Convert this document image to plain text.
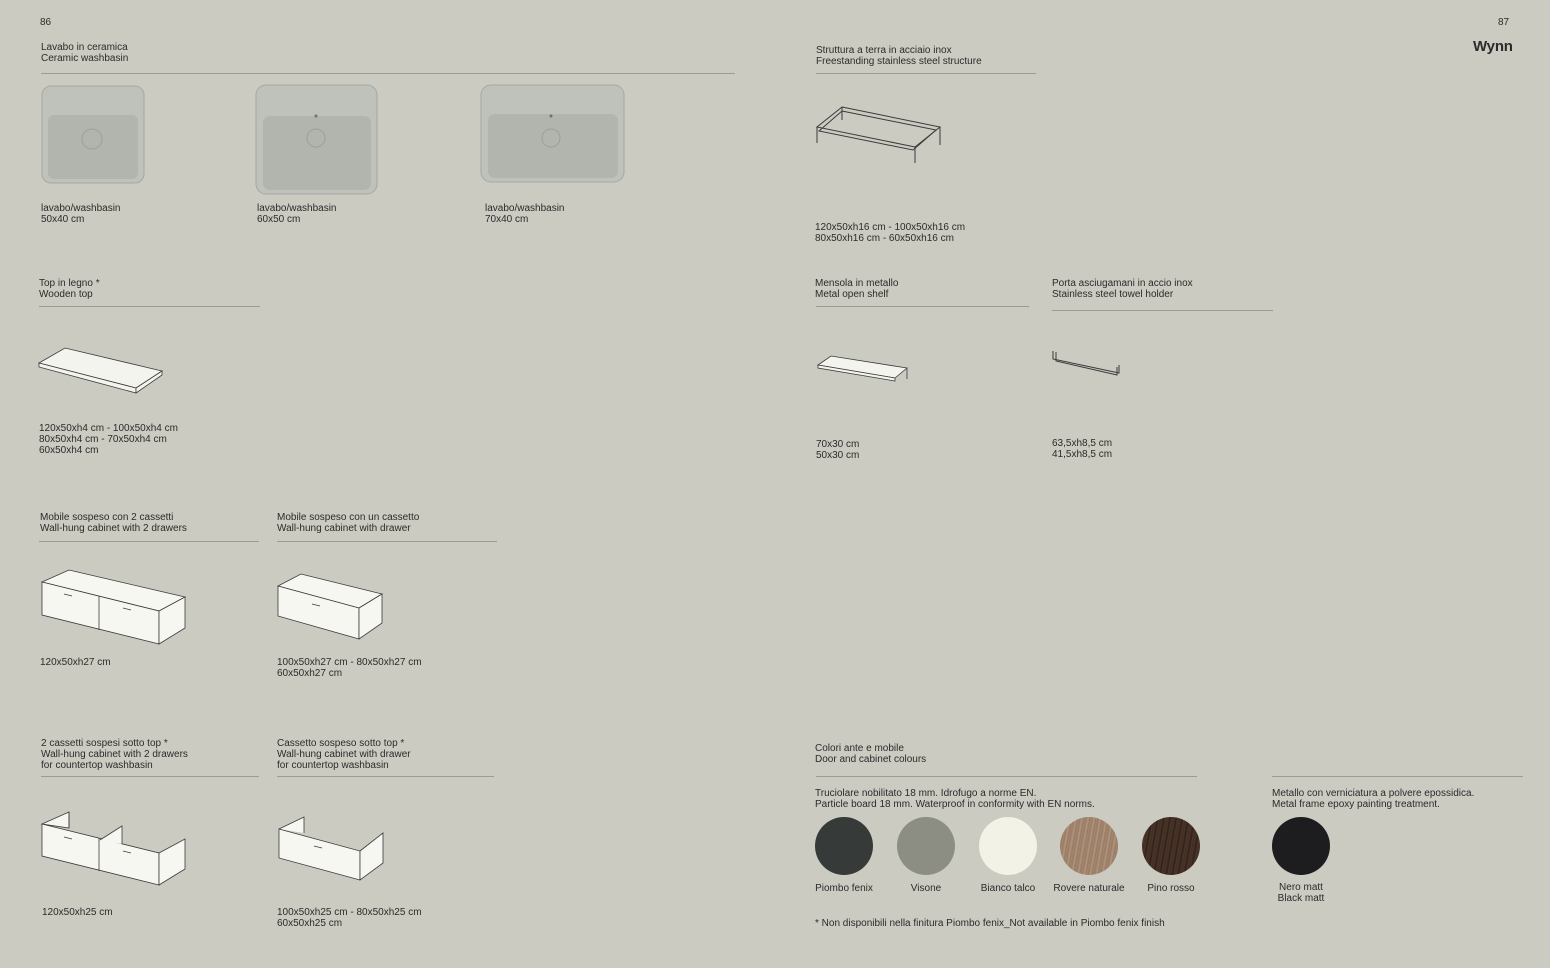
86	87
Wynn
Lavabo in ceramica
Ceramic washbasin
lavabo/washbasin
50x40 cm
lavabo/washbasin
60x50 cm
lavabo/washbasin
70x40 cm
Struttura a terra in acciaio inox
Freestanding stainless steel structure
120x50xh16 cm - 100x50xh16 cm
80x50xh16 cm - 60x50xh16 cm
Top in legno *
Wooden top
120x50xh4 cm - 100x50xh4 cm
80x50xh4 cm - 70x50xh4 cm
60x50xh4 cm
Mensola in metallo
Metal open shelf
70x30 cm
50x30 cm
Porta asciugamani in accio inox
Stainless steel towel holder
63,5xh8,5 cm
41,5xh8,5 cm
Mobile sospeso con 2 cassetti
Wall-hung cabinet with 2 drawers
120x50xh27 cm
Mobile sospeso con un cassetto
Wall-hung cabinet with drawer
100x50xh27 cm - 80x50xh27 cm
60x50xh27 cm
2 cassetti sospesi sotto top *
Wall-hung cabinet with 2 drawers
for countertop washbasin
120x50xh25 cm
Cassetto sospeso sotto top *
Wall-hung cabinet with drawer
for countertop washbasin
100x50xh25 cm - 80x50xh25 cm
60x50xh25 cm
Colori ante e mobile
Door and cabinet colours
Truciolare nobilitato 18 mm. Idrofugo a norme EN.
Particle board 18 mm. Waterproof in conformity with EN norms.
Metallo con verniciatura a polvere epossidica.
Metal frame epoxy painting treatment.
Piombo fenix	Visone	Bianco talco	Rovere naturale	Pino rosso	Nero matt
Black matt
* Non disponibili nella finitura Piombo fenix_Not available in Piombo fenix finish
